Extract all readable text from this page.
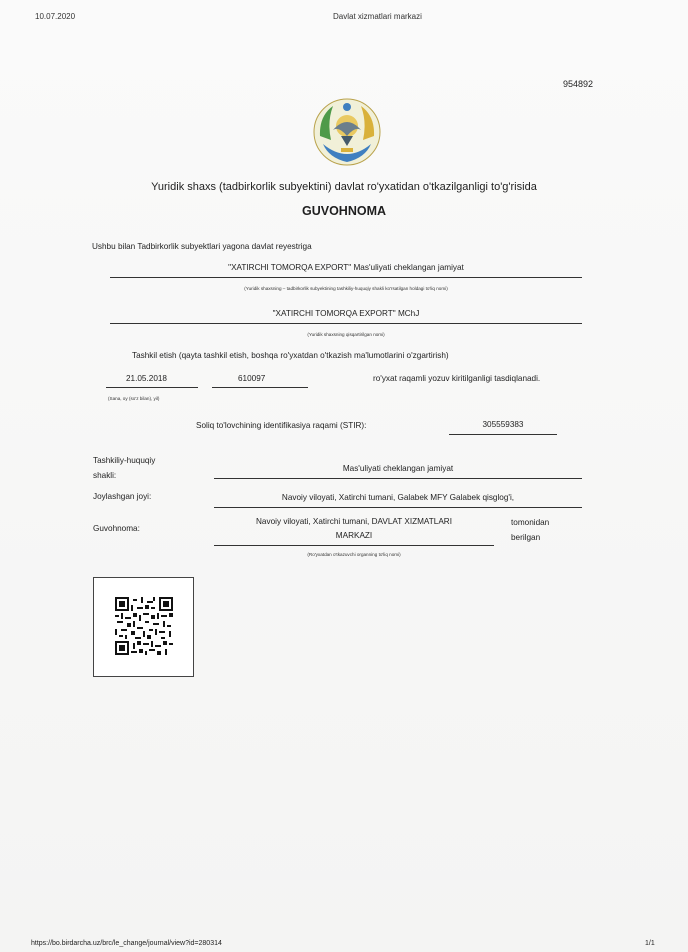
10.07.2020	Davlat xizmatlari markazi
954892
Yuridik shaxs (tadbirkorlik subyektini) davlat ro'yxatidan o'tkazilganligi to'g'risida
GUVOHNOMA
Ushbu bilan Tadbirkorlik subyektlari yagona davlat reyestriga
"XATIRCHI TOMORQA EXPORT" Mas'uliyati cheklangan jamiyat
(Yuridik shaxsning – tadbirkorlik subyektining tashkiliy-huquqiy shakli ko'rsatilgan holdagi to'liq nomi)
"XATIRCHI TOMORQA EXPORT" MChJ
(Yuridik shaxsning qisqartirilgan nomi)
Tashkil etish (qayta tashkil etish, boshqa ro'yxatdan o'tkazish ma'lumotlarini o'zgartirish)
21.05.2018	610097	ro'yxat raqamli yozuv kiritilganligi tasdiqlanadi.
(Sana, oy (so'z bilan), yil)
Soliq to'lovchining identifikasiya raqami (STIR):	305559383
Tashkiliy-huquqiy
shakli:
Mas'uliyati cheklangan jamiyat
Joylashgan joyi:	Navoiy viloyati, Xatirchi tumani, Galabek MFY Galabek qisglog'i,
Guvohnoma:
Navoiy viloyati, Xatirchi tumani, DAVLAT XIZMATLARI
MARKAZI
tomonidan
berilgan
(Ro'yxatdan o'tkazuvchi organning to'liq nomi)
https://bo.birdarcha.uz/brc/le_change/journal/view?id=280314	1/1
